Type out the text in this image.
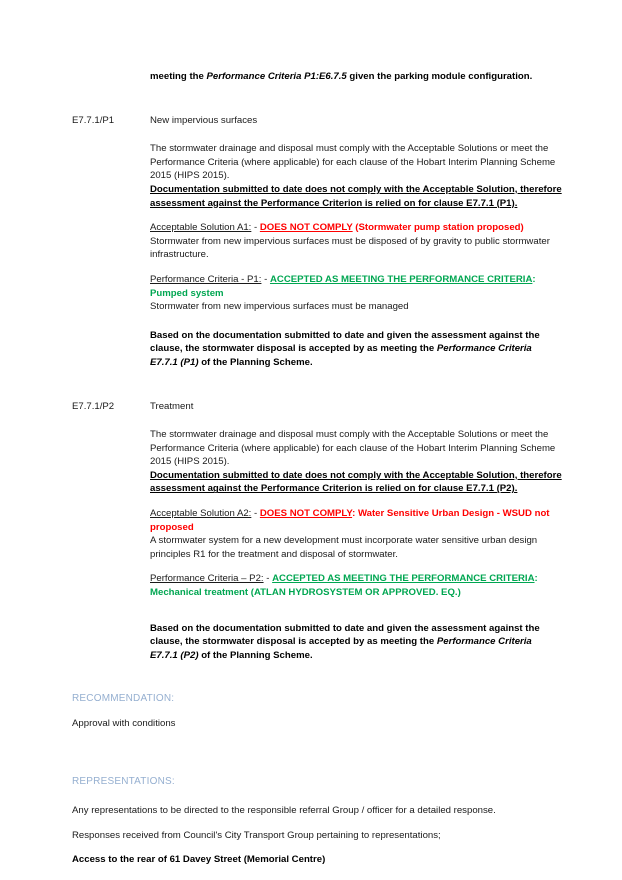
meeting the Performance Criteria P1:E6.7.5 given the parking module configuration.

E7.7.1/P1	New impervious surfaces

The stormwater drainage and disposal must comply with the Acceptable Solutions or meet the Performance Criteria (where applicable) for each clause of the Hobart Interim Planning Scheme 2015 (HIPS 2015).

Documentation submitted to date does not comply with the Acceptable Solution, therefore assessment against the Performance Criterion is relied on for clause E7.7.1 (P1).

Acceptable Solution A1: - DOES NOT COMPLY (Stormwater pump station proposed)

Stormwater from new impervious surfaces must be disposed of by gravity to public stormwater infrastructure.

Performance Criteria - P1: - ACCEPTED AS MEETING THE PERFORMANCE CRITERIA: Pumped system

Stormwater from new impervious surfaces must be managed

Based on the documentation submitted to date and given the assessment against the clause, the stormwater disposal is accepted by as meeting the Performance Criteria E7.7.1 (P1) of the Planning Scheme.

E7.7.1/P2	Treatment

The stormwater drainage and disposal must comply with the Acceptable Solutions or meet the Performance Criteria (where applicable) for each clause of the Hobart Interim Planning Scheme 2015 (HIPS 2015).

Documentation submitted to date does not comply with the Acceptable Solution, therefore assessment against the Performance Criterion is relied on for clause E7.7.1 (P2).

Acceptable Solution A2: - DOES NOT COMPLY: Water Sensitive Urban Design - WSUD not proposed

A stormwater system for a new development must incorporate water sensitive urban design principles R1 for the treatment and disposal of stormwater.

Performance Criteria – P2: - ACCEPTED AS MEETING THE PERFORMANCE CRITERIA: Mechanical treatment (ATLAN HYDROSYSTEM OR APPROVED. EQ.)

Based on the documentation submitted to date and given the assessment against the clause, the stormwater disposal is accepted by as meeting the Performance Criteria E7.7.1 (P2) of the Planning Scheme.

RECOMMENDATION:

Approval with conditions

REPRESENTATIONS:

Any representations to be directed to the responsible referral Group / officer for a detailed response.

Responses received from Council's City Transport Group pertaining to representations;

Access to the rear of 61 Davey Street (Memorial Centre)
